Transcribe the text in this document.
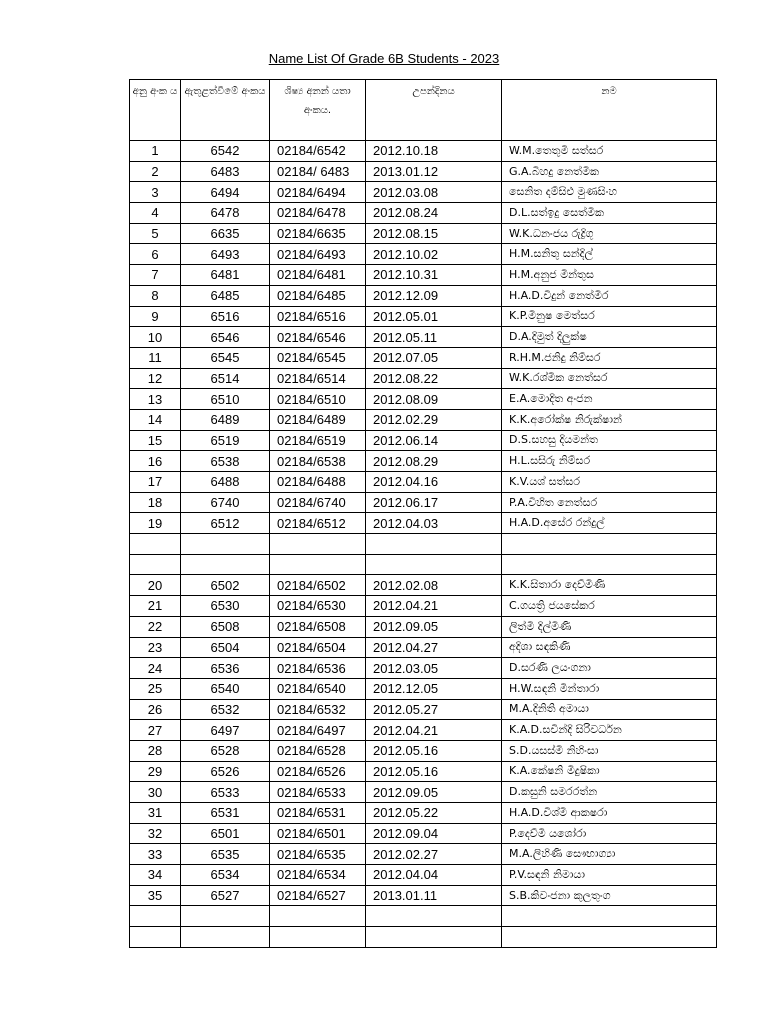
Name List Of Grade 6B Students - 2023
අනු අංක ය	ඇතුළත්වීමේ අංකය	ශිෂ්‍ය අනන් යතා අංකය.	උපන්දිනය	නම
1	6542	02184/6542	2012.10.18	W.M.තෙතුමි සත්සර
2	6483	02184/ 6483	2013.01.12	G.A.බිහදු නෙත්මික
3	6494	02184/6494	2012.03.08	සෙනිත දම්සිළු මුණසිංහ
4	6478	02184/6478	2012.08.24	D.L.සත්ඉදු සෙත්මික
5	6635	02184/6635	2012.08.15	W.K.ධනංජය රුද්‍රිගු
6	6493	02184/6493	2012.10.02	H.M.සනිතු සන්දිල්
7	6481	02184/6481	2012.10.31	H.M.අනුජ මින්තුස
8	6485	02184/6485	2012.12.09	H.A.D.විදුන් නෙත්මිර
9	6516	02184/6516	2012.05.01	K.P.මිනුෂ මෙත්සර
10	6546	02184/6546	2012.05.11	D.A.දිමුත් දිලුක්ෂ
11	6545	02184/6545	2012.07.05	R.H.M.ජනිදු නිම්සර
12	6514	02184/6514	2012.08.22	W.K.රශ්මික නෙත්සර
13	6510	02184/6510	2012.08.09	E.A.මොදිත අංජන
14	6489	02184/6489	2012.02.29	K.K.අරෝක්ෂ නිරුක්ෂාන්
15	6519	02184/6519	2012.06.14	D.S.සහසු දියමන්ත
16	6538	02184/6538	2012.08.29	H.L.සසිරු නිම්සර
17	6488	02184/6488	2012.04.16	K.V.යශ් සත්සර
18	6740	02184/6740	2012.06.17	P.A.විහිත නෙත්සර
19	6512	02184/6512	2012.04.03	H.A.D.අසේර රන්දුල්

20	6502	02184/6502	2012.02.08	K.K.සිතාරා දෙව්මිණි
21	6530	02184/6530	2012.04.21	C.ගයත්‍රි ජයසේකර
22	6508	02184/6508	2012.09.05	ලිත්මි දිල්මිණි
23	6504	02184/6504	2012.04.27	අදිශා සඳකිණි
24	6536	02184/6536	2012.03.05	D.සරණි ලයංගනා
25	6540	02184/6540	2012.12.05	H.W.සඳනි මින්තාරා
26	6532	02184/6532	2012.05.27	M.A.දිනිති අමායා
27	6497	02184/6497	2012.04.21	K.A.D.සවින්දි සිරිවර්ධන
28	6528	02184/6528	2012.05.16	S.D.යසස්මි නිහිංසා
29	6526	02184/6526	2012.05.16	K.A.කේෂනි මිදුෂිකා
30	6533	02184/6533	2012.09.05	D.කසුනි සමරරත්න
31	6531	02184/6531	2012.05.22	H.A.D.විශ්මි ආකෂරා
32	6501	02184/6501	2012.09.04	P.දෙව්මි යශෝරා
33	6535	02184/6535	2012.02.27	M.A.ලිහිණි සෞභාග්‍යා
34	6534	02184/6534	2012.04.04	P.V.සඳනි නිමායා
35	6527	02184/6527	2013.01.11	S.B.කිවංජනා කුලතුංග
